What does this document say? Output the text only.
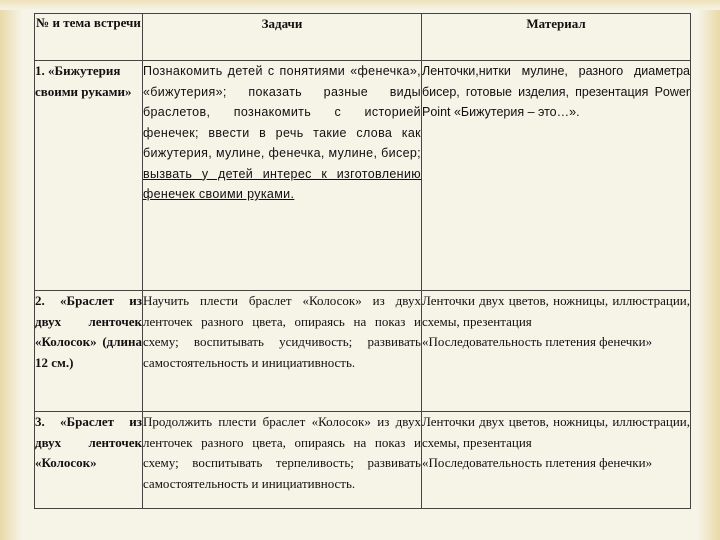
№ и тема встречи	Задачи	Материал
1. «Бижутерия своими руками»	Познакомить детей с понятиями «фенечка», «бижутерия»; показать разные виды браслетов, познакомить с историей фенечек; ввести в речь такие слова как бижутерия, мулине, фенечка, мулине, бисер; вызвать у детей интерес к изготовлению фенечек своими руками.	Ленточки,нитки мулине, разного диаметра бисер, готовые изделия, презентация Power Point «Бижутерия – это…».
2. «Браслет из двух ленточек «Колосок» (длина 12 см.)	Научить плести браслет «Колосок» из двух ленточек разного цвета, опираясь на показ и схему; воспитывать усидчивость; развивать самостоятельность и инициативность.	Ленточки двух цветов, ножницы, иллюстрации, схемы, презентация
«Последовательность плетения фенечки»

3. «Браслет из двух ленточек «Колосок»	Продолжить плести браслет «Колосок» из двух ленточек разного цвета, опираясь на показ и схему; воспитывать терпеливость; развивать самостоятельность и инициативность.	Ленточки двух цветов, ножницы, иллюстрации, схемы, презентация
«Последовательность плетения фенечки»
